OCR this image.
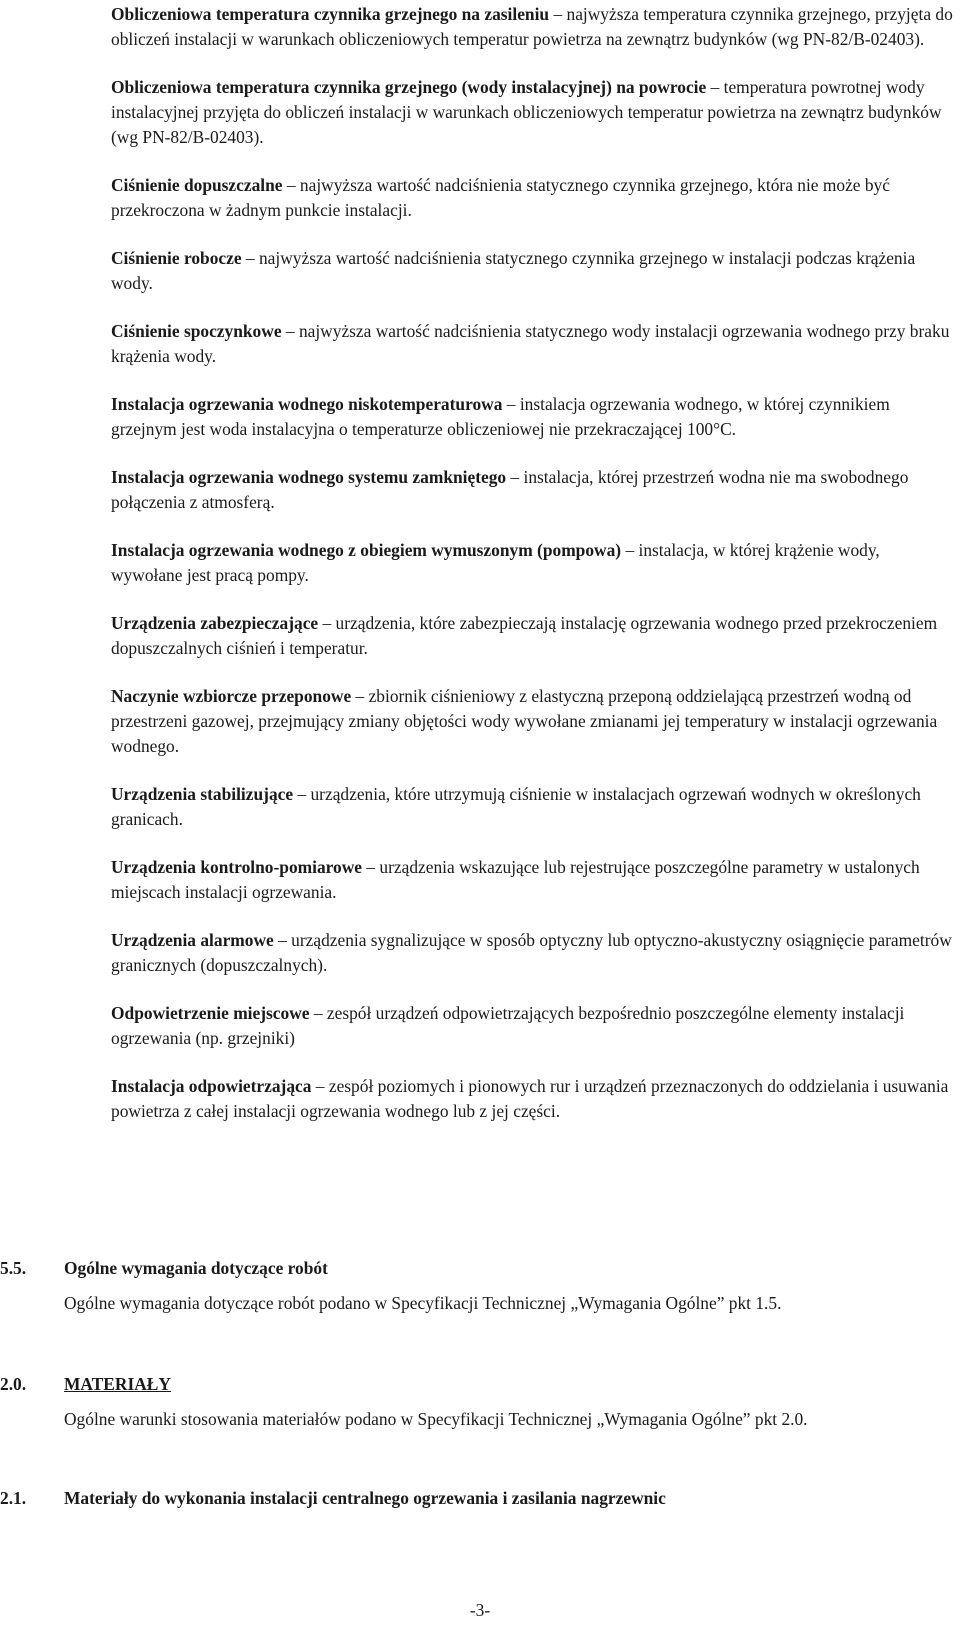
Obliczeniowa temperatura czynnika grzejnego na zasileniu – najwyższa temperatura czynnika grzejnego, przyjęta do obliczeń instalacji w warunkach obliczeniowych temperatur powietrza na zewnątrz budynków (wg PN-82/B-02403).

Obliczeniowa temperatura czynnika grzejnego (wody instalacyjnej) na powrocie – temperatura powrotnej wody instalacyjnej przyjęta do obliczeń instalacji w warunkach obliczeniowych temperatur powietrza na zewnątrz budynków (wg PN-82/B-02403).

Ciśnienie dopuszczalne – najwyższa wartość nadciśnienia statycznego czynnika grzejnego, która nie może być przekroczona w żadnym punkcie instalacji.

Ciśnienie robocze – najwyższa wartość nadciśnienia statycznego czynnika grzejnego w instalacji podczas krążenia wody.

Ciśnienie spoczynkowe – najwyższa wartość nadciśnienia statycznego wody instalacji ogrzewania wodnego przy braku krążenia wody.

Instalacja ogrzewania wodnego niskotemperaturowa – instalacja ogrzewania wodnego, w której czynnikiem grzejnym jest woda instalacyjna o temperaturze obliczeniowej nie przekraczającej 100°C.

Instalacja ogrzewania wodnego systemu zamkniętego – instalacja, której przestrzeń wodna nie ma swobodnego połączenia z atmosferą.

Instalacja ogrzewania wodnego z obiegiem wymuszonym (pompowa) – instalacja, w której krążenie wody, wywołane jest pracą pompy.

Urządzenia zabezpieczające – urządzenia, które zabezpieczają instalację ogrzewania wodnego przed przekroczeniem dopuszczalnych ciśnień i temperatur.

Naczynie wzbiorcze przeponowe – zbiornik ciśnieniowy z elastyczną przeponą oddzielającą przestrzeń wodną od przestrzeni gazowej, przejmujący zmiany objętości wody wywołane zmianami jej temperatury w instalacji ogrzewania wodnego.

Urządzenia stabilizujące – urządzenia, które utrzymują ciśnienie w instalacjach ogrzewań wodnych w określonych granicach.

Urządzenia kontrolno-pomiarowe – urządzenia wskazujące lub rejestrujące poszczególne parametry w ustalonych miejscach instalacji ogrzewania.

Urządzenia alarmowe – urządzenia sygnalizujące w sposób optyczny lub optyczno-akustyczny osiągnięcie parametrów granicznych (dopuszczalnych).

Odpowietrzenie miejscowe – zespół urządzeń odpowietrzających bezpośrednio poszczególne elementy instalacji ogrzewania (np. grzejniki)

Instalacja odpowietrzająca – zespół poziomych i pionowych rur i urządzeń przeznaczonych do oddzielania i usuwania powietrza z całej instalacji ogrzewania wodnego lub z jej części.

5.5. Ogólne wymagania dotyczące robót
Ogólne wymagania dotyczące robót podano w Specyfikacji Technicznej „Wymagania Ogólne” pkt 1.5.
2.0. MATERIAŁY
Ogólne warunki stosowania materiałów podano w Specyfikacji Technicznej „Wymagania Ogólne” pkt 2.0.
2.1. Materiały do wykonania instalacji centralnego ogrzewania i zasilania nagrzewnic
-3-
